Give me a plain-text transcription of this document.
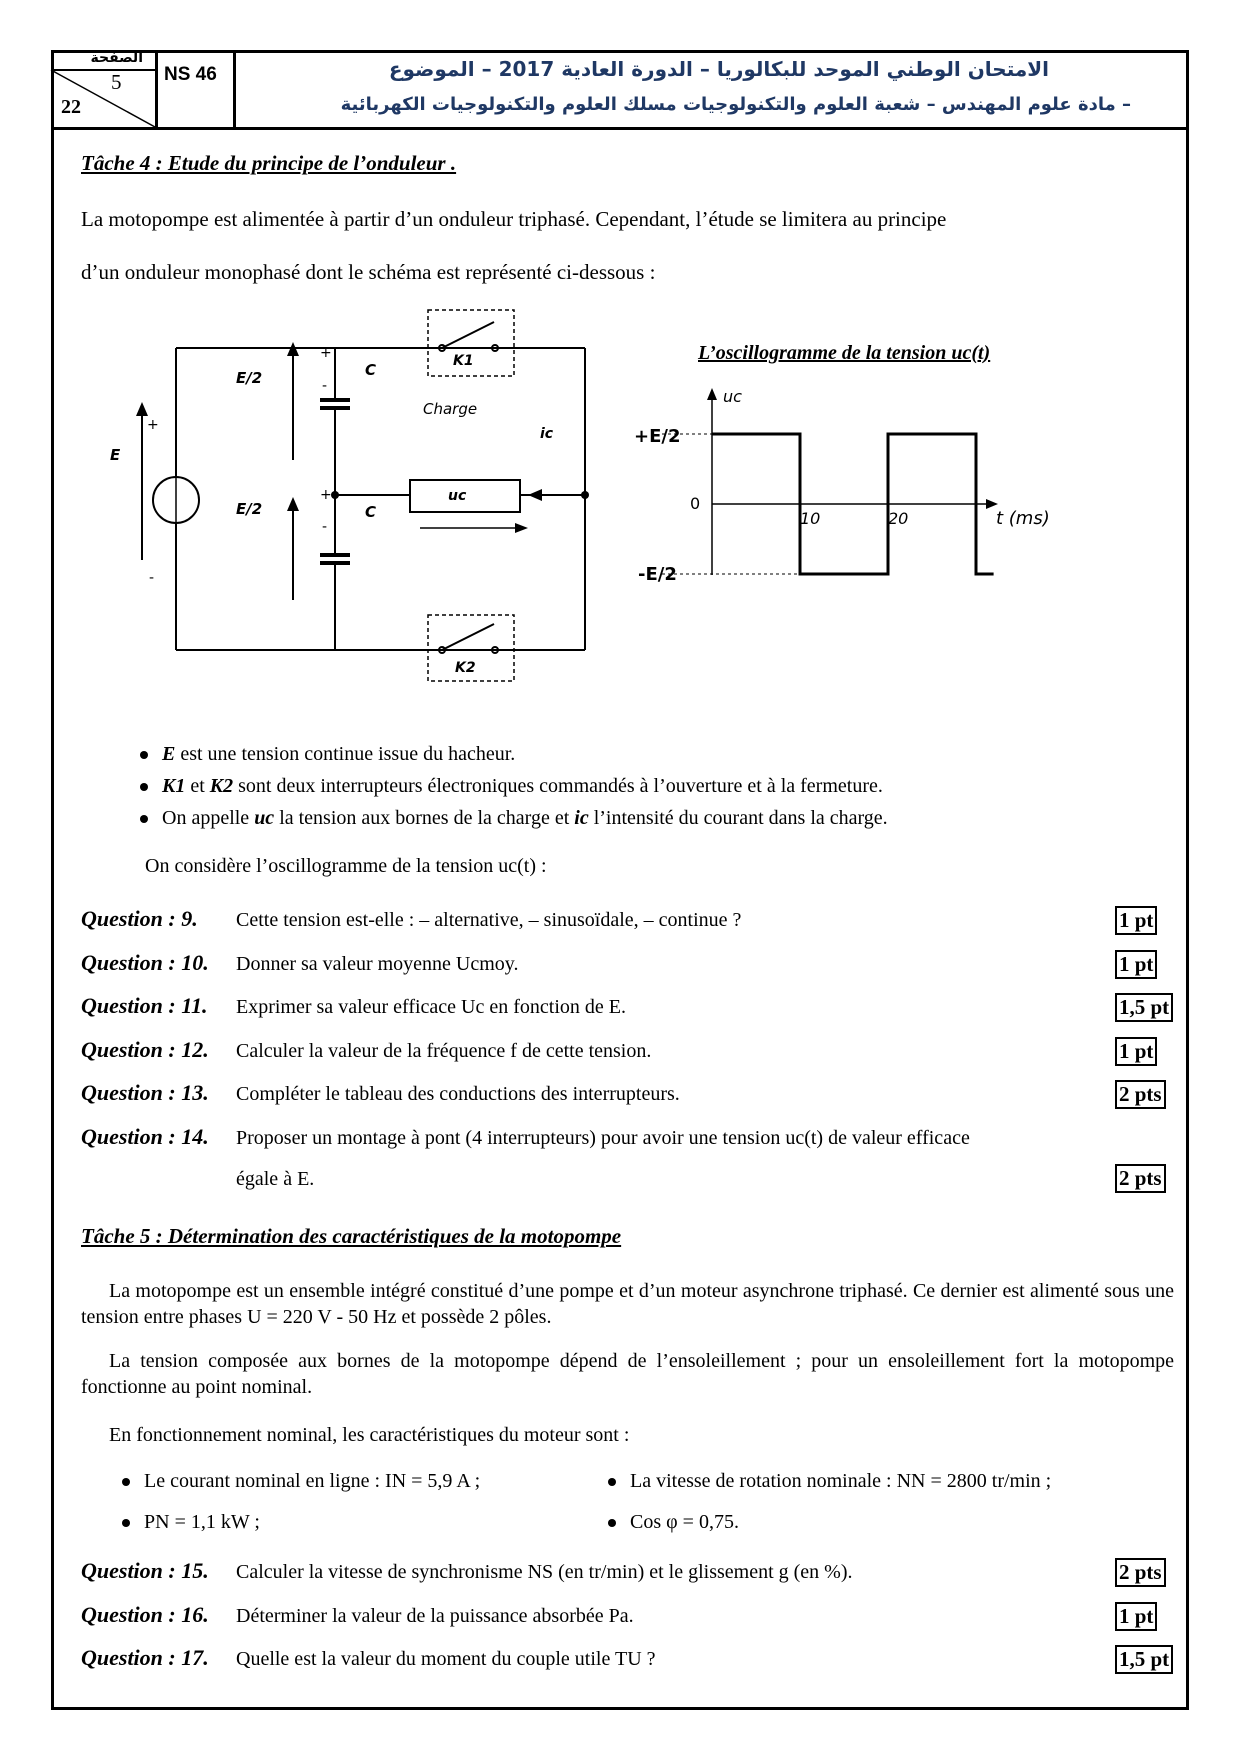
الصفحة
5
22
NS 46	الامتحان الوطني الموحد للبكالوريا – الدورة العادية 2017 – الموضوع
– مادة علوم المهندس – شعبة العلوم والتكنولوجيات مسلك العلوم والتكنولوجيات الكهربائية
Tâche 4 : Etude du principe de l’onduleur .
La motopompe est alimentée à partir d’un onduleur triphasé. Cependant, l’étude se limitera au principe
d’un onduleur monophasé dont le schéma est représenté ci-dessous :
+
-
E
E/2
E/2
C
C
+
-
+
-
Charge
ic
uc
K1
K2
L’oscillogramme de la tension uc(t)
uc
+E/2
0
-E/2
10	20	t (ms)
E est une tension continue issue du hacheur.
K1 et K2 sont deux interrupteurs électroniques commandés à l’ouverture et à la fermeture.
On appelle uc la tension aux bornes de la charge et ic l’intensité du courant dans la charge.
On considère l’oscillogramme de la tension uc(t) :
Question : 9. Cette tension est-elle : – alternative, – sinusoïdale, – continue ?	1 pt
Question : 10. Donner sa valeur moyenne Ucmoy.	1 pt
Question : 11. Exprimer sa valeur efficace Uc en fonction de E.	1,5 pt
Question : 12. Calculer la valeur de la fréquence f de cette tension.	1 pt
Question : 13. Compléter le tableau des conductions des interrupteurs.	2 pts
Question : 14. Proposer un montage à pont (4 interrupteurs) pour avoir une tension uc(t) de valeur efficace
égale à E.	2 pts
Tâche 5 : Détermination des caractéristiques de la motopompe
La motopompe est un ensemble intégré constitué d’une pompe et d’un moteur asynchrone triphasé. Ce dernier est alimenté sous une tension entre phases U = 220 V - 50 Hz et possède 2 pôles.
La tension composée aux bornes de la motopompe dépend de l’ensoleillement ; pour un ensoleillement fort la motopompe fonctionne au point nominal.
En fonctionnement nominal, les caractéristiques du moteur sont :
Le courant nominal en ligne : IN = 5,9 A ;	La vitesse de rotation nominale : NN = 2800 tr/min ;
PN = 1,1 kW ;	Cos φ = 0,75.
Question : 15. Calculer la vitesse de synchronisme NS (en tr/min) et le glissement g (en %).	2 pts
Question : 16. Déterminer la valeur de la puissance absorbée Pa.	1 pt
Question : 17. Quelle est la valeur du moment du couple utile TU ?	1,5 pt
